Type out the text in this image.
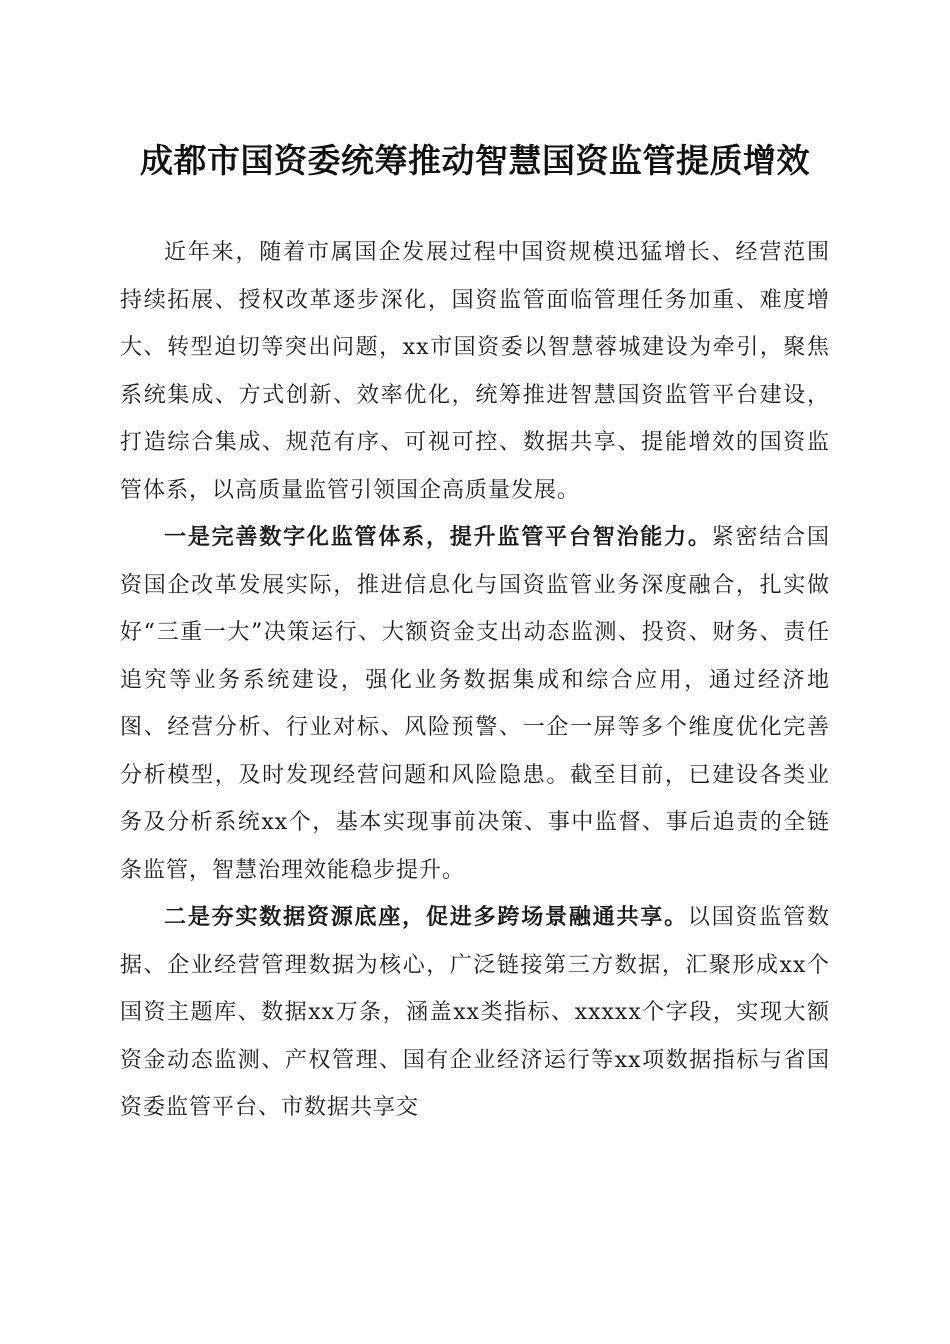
成都市国资委统筹推动智慧国资监管提质增效

近年来，随着市属国企发展过程中国资规模迅猛增长、经营范围持续拓展、授权改革逐步深化，国资监管面临管理任务加重、难度增大、转型迫切等突出问题，xx市国资委以智慧蓉城建设为牵引，聚焦系统集成、方式创新、效率优化，统筹推进智慧国资监管平台建设，打造综合集成、规范有序、可视可控、数据共享、提能增效的国资监管体系，以高质量监管引领国企高质量发展。

一是完善数字化监管体系，提升监管平台智治能力。紧密结合国资国企改革发展实际，推进信息化与国资监管业务深度融合，扎实做好“三重一大”决策运行、大额资金支出动态监测、投资、财务、责任追究等业务系统建设，强化业务数据集成和综合应用，通过经济地图、经营分析、行业对标、风险预警、一企一屏等多个维度优化完善分析模型，及时发现经营问题和风险隐患。截至目前，已建设各类业务及分析系统xx个，基本实现事前决策、事中监督、事后追责的全链条监管，智慧治理效能稳步提升。

二是夯实数据资源底座，促进多跨场景融通共享。以国资监管数据、企业经营管理数据为核心，广泛链接第三方数据，汇聚形成xx个国资主题库、数据xx万条，涵盖xx类指标、xxxxx个字段，实现大额资金动态监测、产权管理、国有企业经济运行等xx项数据指标与省国资委监管平台、市数据共享交
